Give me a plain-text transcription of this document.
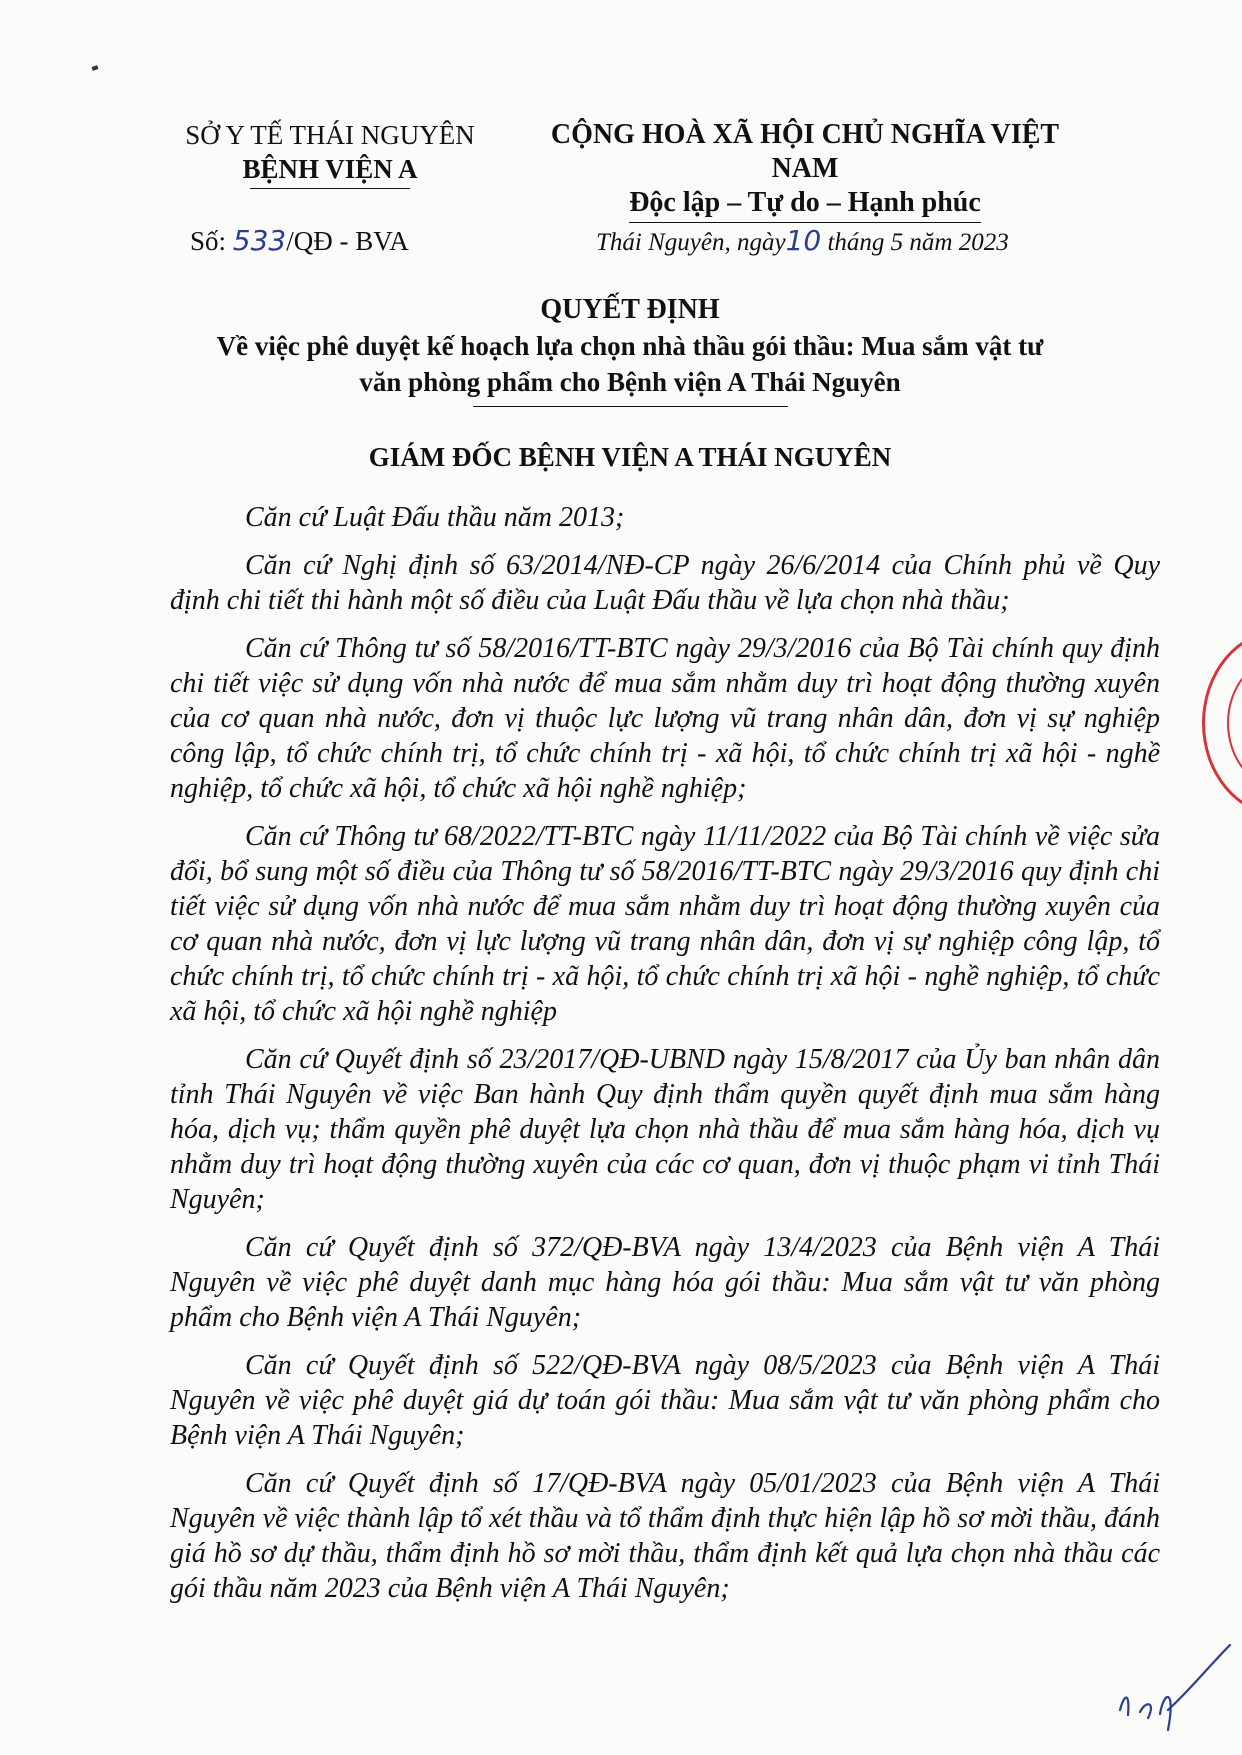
SỞ Y TẾ THÁI NGUYÊN
BỆNH VIỆN A
CỘNG HOÀ XÃ HỘI CHỦ NGHĨA VIỆT NAM
Độc lập – Tự do – Hạnh phúc
Số: 533/QĐ - BVA	Thái Nguyên, ngày10 tháng 5 năm 2023
QUYẾT ĐỊNH
Về việc phê duyệt kế hoạch lựa chọn nhà thầu gói thầu: Mua sắm vật tư
văn phòng phẩm cho Bệnh viện A Thái Nguyên
GIÁM ĐỐC BỆNH VIỆN A THÁI NGUYÊN

Căn cứ Luật Đấu thầu năm 2013;

Căn cứ Nghị định số 63/2014/NĐ-CP ngày 26/6/2014 của Chính phủ về Quy định chi tiết thi hành một số điều của Luật Đấu thầu về lựa chọn nhà thầu;

Căn cứ Thông tư số 58/2016/TT-BTC ngày 29/3/2016 của Bộ Tài chính quy định chi tiết việc sử dụng vốn nhà nước để mua sắm nhằm duy trì hoạt động thường xuyên của cơ quan nhà nước, đơn vị thuộc lực lượng vũ trang nhân dân, đơn vị sự nghiệp công lập, tổ chức chính trị, tổ chức chính trị - xã hội, tổ chức chính trị xã hội - nghề nghiệp, tổ chức xã hội, tổ chức xã hội nghề nghiệp;

Căn cứ Thông tư 68/2022/TT-BTC ngày 11/11/2022 của Bộ Tài chính về việc sửa đổi, bổ sung một số điều của Thông tư số 58/2016/TT-BTC ngày 29/3/2016 quy định chi tiết việc sử dụng vốn nhà nước để mua sắm nhằm duy trì hoạt động thường xuyên của cơ quan nhà nước, đơn vị lực lượng vũ trang nhân dân, đơn vị sự nghiệp công lập, tổ chức chính trị, tổ chức chính trị - xã hội, tổ chức chính trị xã hội - nghề nghiệp, tổ chức xã hội, tổ chức xã hội nghề nghiệp

Căn cứ Quyết định số 23/2017/QĐ-UBND ngày 15/8/2017 của Ủy ban nhân dân tỉnh Thái Nguyên về việc Ban hành Quy định thẩm quyền quyết định mua sắm hàng hóa, dịch vụ; thẩm quyền phê duyệt lựa chọn nhà thầu để mua sắm hàng hóa, dịch vụ nhằm duy trì hoạt động thường xuyên của các cơ quan, đơn vị thuộc phạm vi tỉnh Thái Nguyên;

Căn cứ Quyết định số 372/QĐ-BVA ngày 13/4/2023 của Bệnh viện A Thái Nguyên về việc phê duyệt danh mục hàng hóa gói thầu: Mua sắm vật tư văn phòng phẩm cho Bệnh viện A Thái Nguyên;

Căn cứ Quyết định số 522/QĐ-BVA ngày 08/5/2023 của Bệnh viện A Thái Nguyên về việc phê duyệt giá dự toán gói thầu: Mua sắm vật tư văn phòng phẩm cho Bệnh viện A Thái Nguyên;

Căn cứ Quyết định số 17/QĐ-BVA ngày 05/01/2023 của Bệnh viện A Thái Nguyên về việc thành lập tổ xét thầu và tổ thẩm định thực hiện lập hồ sơ mời thầu, đánh giá hồ sơ dự thầu, thẩm định hồ sơ mời thầu, thẩm định kết quả lựa chọn nhà thầu các gói thầu năm 2023 của Bệnh viện A Thái Nguyên;
